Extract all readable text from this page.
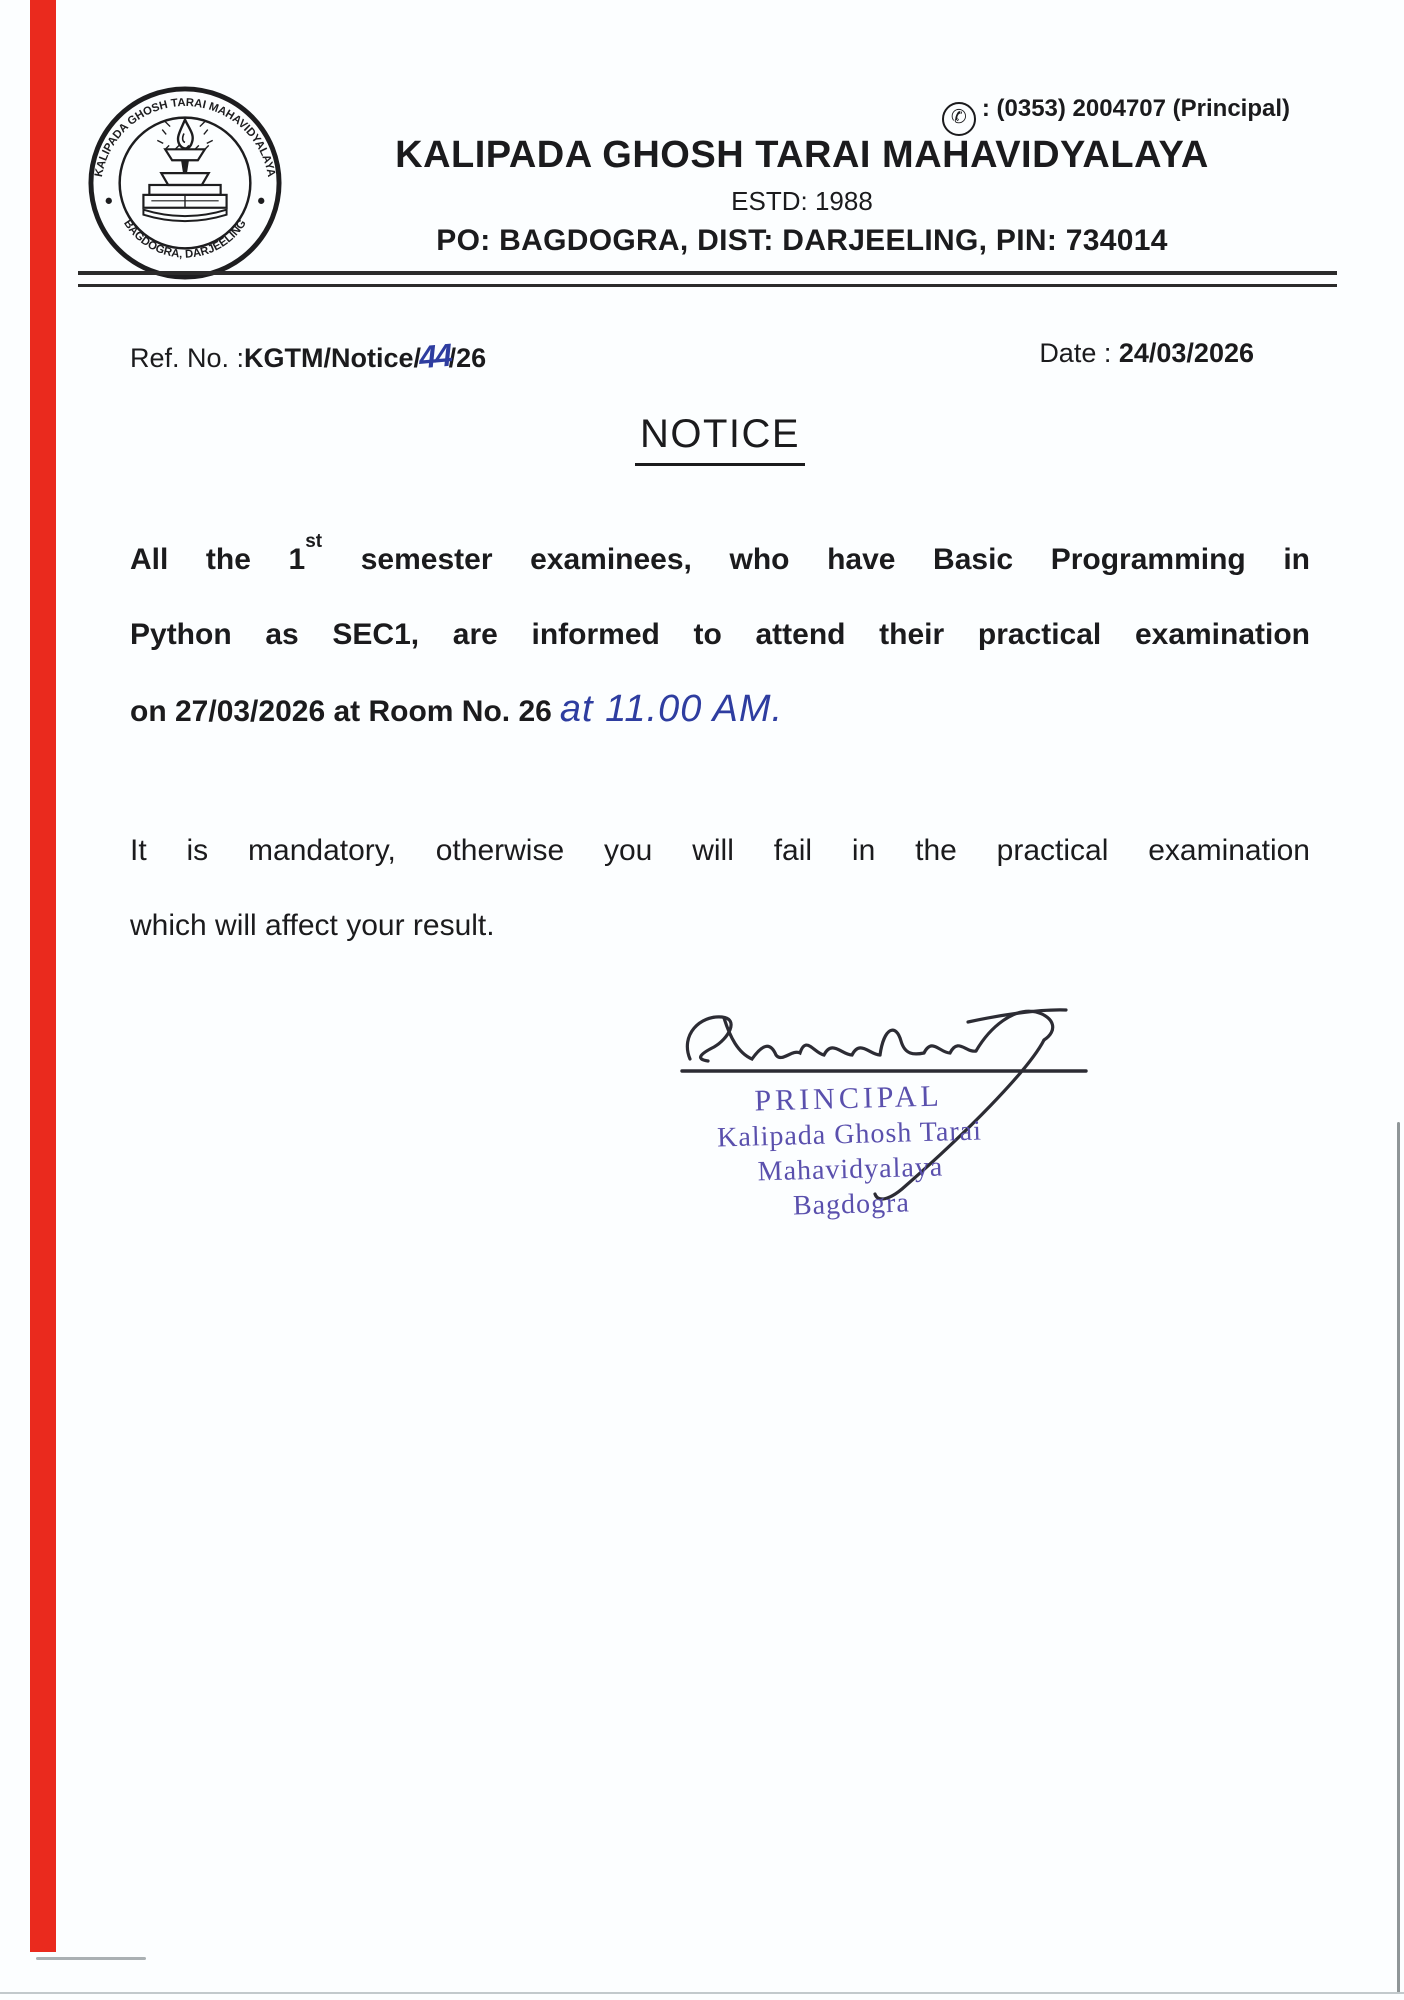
KALIPADA GHOSH TARAI MAHAVIDYALAYA
BAGDOGRA, DARJEELING
✆ : (0353) 2004707 (Principal)
KALIPADA GHOSH TARAI MAHAVIDYALAYA
ESTD: 1988
PO: BAGDOGRA, DIST: DARJEELING, PIN: 734014
Ref. No. :KGTM/Notice/44/26	Date : 24/03/2026
NOTICE
All the 1st semester examinees, who have Basic Programming in
Python as SEC1, are informed to attend their practical examination
on 27/03/2026 at Room No. 26 at 11.00 AM.
It is mandatory, otherwise you will fail in the practical examination
which will affect your result.
PRINCIPAL
Kalipada Ghosh Tarai
Mahavidyalaya
Bagdogra
